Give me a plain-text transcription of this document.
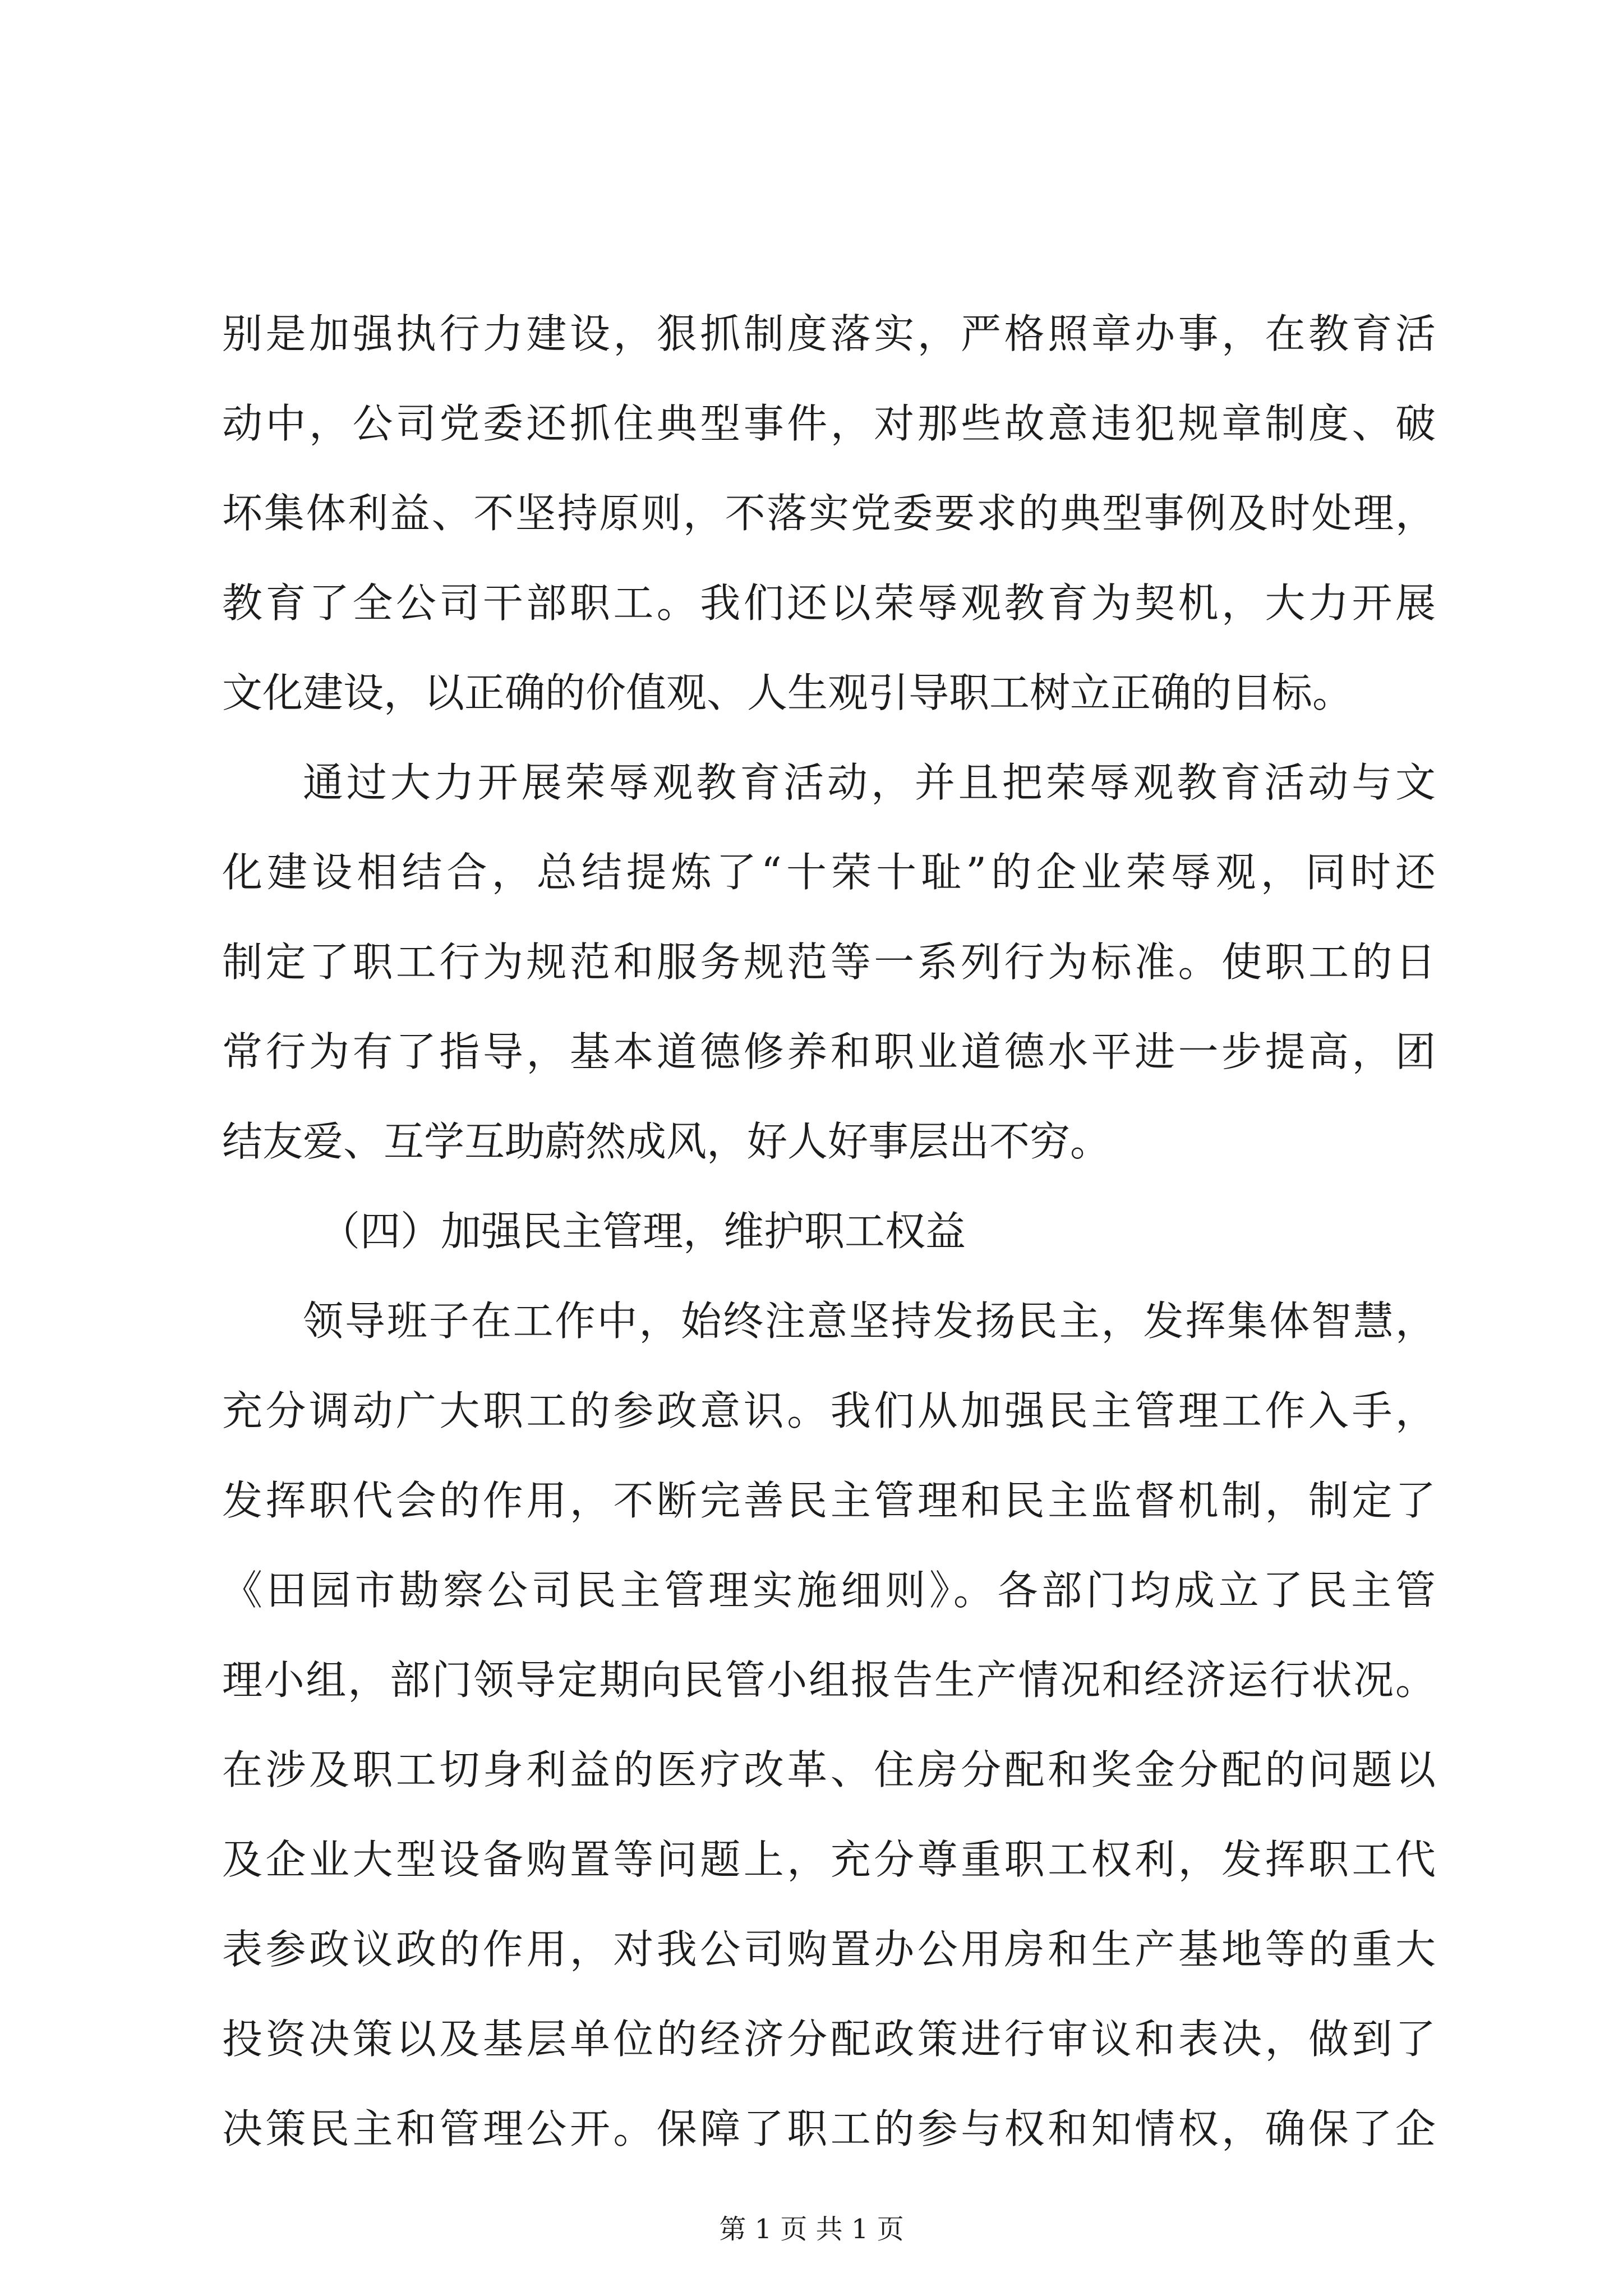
别是加强执行力建设，狠抓制度落实，严格照章办事，在教育活
动中，公司党委还抓住典型事件，对那些故意违犯规章制度、破
坏集体利益、不坚持原则，不落实党委要求的典型事例及时处理，
教育了全公司干部职工。我们还以荣辱观教育为契机，大力开展
文化建设，以正确的价值观、人生观引导职工树立正确的目标。
通过大力开展荣辱观教育活动，并且把荣辱观教育活动与文
化建设相结合，总结提炼了“十荣十耻”的企业荣辱观，同时还
制定了职工行为规范和服务规范等一系列行为标准。使职工的日
常行为有了指导，基本道德修养和职业道德水平进一步提高，团
结友爱、互学互助蔚然成风，好人好事层出不穷。
（四）加强民主管理，维护职工权益
领导班子在工作中，始终注意坚持发扬民主，发挥集体智慧，
充分调动广大职工的参政意识。我们从加强民主管理工作入手，
发挥职代会的作用，不断完善民主管理和民主监督机制，制定了
《田园市勘察公司民主管理实施细则》。各部门均成立了民主管
理小组，部门领导定期向民管小组报告生产情况和经济运行状况。
在涉及职工切身利益的医疗改革、住房分配和奖金分配的问题以
及企业大型设备购置等问题上，充分尊重职工权利，发挥职工代
表参政议政的作用，对我公司购置办公用房和生产基地等的重大
投资决策以及基层单位的经济分配政策进行审议和表决，做到了
决策民主和管理公开。保障了职工的参与权和知情权，确保了企
第 1 页 共 1 页
